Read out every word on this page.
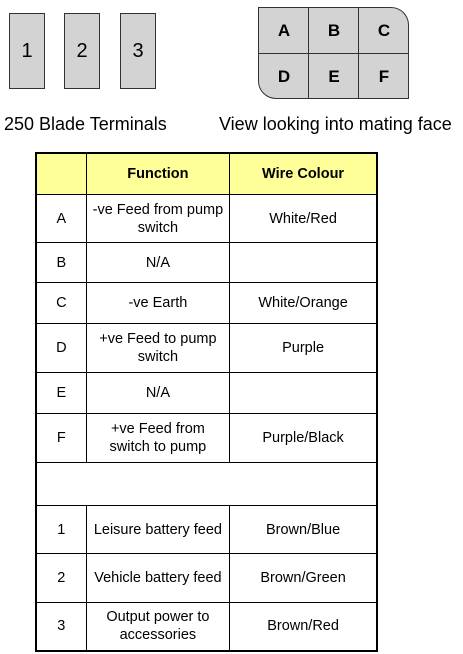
1	2	3
250 Blade Terminals
A	B	C
D	E	F
View looking into mating face
	Function	Wire Colour
A	-ve Feed from pump switch	White/Red
B	N/A	
C	-ve Earth	White/Orange
D	+ve Feed to pump switch	Purple
E	N/A	
F	+ve Feed from switch to pump	Purple/Black

1	Leisure battery feed	Brown/Blue
2	Vehicle battery feed	Brown/Green
3	Output power to accessories	Brown/Red
